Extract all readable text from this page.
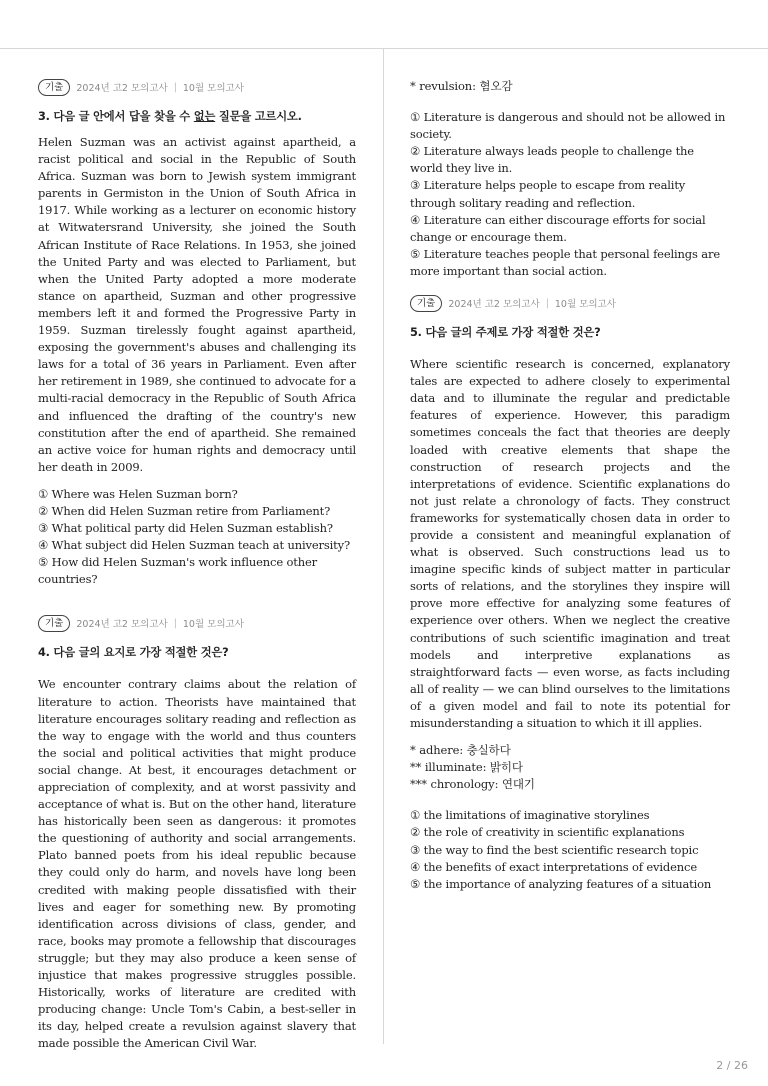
기출	2024년 고2 모의고사 | 10월 모의고사
3. 다음 글 안에서 답을 찾을 수 없는 질문을 고르시오.

Helen Suzman was an activist against apartheid, a racist political and social in the Republic of South Africa. Suzman was born to Jewish system immigrant parents in Germiston in the Union of South Africa in 1917. While working as a lecturer on economic history at Witwatersrand University, she joined the South African Institute of Race Relations. In 1953, she joined the United Party and was elected to Parliament, but when the United Party adopted a more moderate stance on apartheid, Suzman and other progressive members left it and formed the Progressive Party in 1959. Suzman tirelessly fought against apartheid, exposing the government's abuses and challenging its laws for a total of 36 years in Parliament. Even after her retirement in 1989, she continued to advocate for a multi-racial democracy in the Republic of South Africa and influenced the drafting of the country's new constitution after the end of apartheid. She remained an active voice for human rights and democracy until her death in 2009.

① Where was Helen Suzman born?

② When did Helen Suzman retire from Parliament?

③ What political party did Helen Suzman establish?

④ What subject did Helen Suzman teach at university?

⑤ How did Helen Suzman's work influence other countries?

기출	2024년 고2 모의고사 | 10월 모의고사
4. 다음 글의 요지로 가장 적절한 것은?

We encounter contrary claims about the relation of literature to action. Theorists have maintained that literature encourages solitary reading and reflection as the way to engage with the world and thus counters the social and political activities that might produce social change. At best, it encourages detachment or appreciation of complexity, and at worst passivity and acceptance of what is. But on the other hand, literature has historically been seen as dangerous: it promotes the questioning of authority and social arrangements. Plato banned poets from his ideal republic because they could only do harm, and novels have long been credited with making people dissatisfied with their lives and eager for something new. By promoting identification across divisions of class, gender, and race, books may promote a fellowship that discourages struggle; but they may also produce a keen sense of injustice that makes progressive struggles possible. Historically, works of literature are credited with producing change: Uncle Tom's Cabin, a best-seller in its day, helped create a revulsion against slavery that made possible the American Civil War.

* revulsion: 혐오감

① Literature is dangerous and should not be allowed in society.

② Literature always leads people to challenge the world they live in.

③ Literature helps people to escape from reality through solitary reading and reflection.

④ Literature can either discourage efforts for social change or encourage them.

⑤ Literature teaches people that personal feelings are more important than social action.

기출	2024년 고2 모의고사 | 10월 모의고사
5. 다음 글의 주제로 가장 적절한 것은?

Where scientific research is concerned, explanatory tales are expected to adhere closely to experimental data and to illuminate the regular and predictable features of experience. However, this paradigm sometimes conceals the fact that theories are deeply loaded with creative elements that shape the construction of research projects and the interpretations of evidence. Scientific explanations do not just relate a chronology of facts. They construct frameworks for systematically chosen data in order to provide a consistent and meaningful explanation of what is observed. Such constructions lead us to imagine specific kinds of subject matter in particular sorts of relations, and the storylines they inspire will prove more effective for analyzing some features of experience over others. When we neglect the creative contributions of such scientific imagination and treat models and interpretive explanations as straightforward facts — even worse, as facts including all of reality — we can blind ourselves to the limitations of a given model and fail to note its potential for misunderstanding a situation to which it ill applies.

* adhere: 충실하다

** illuminate: 밝히다

*** chronology: 연대기

① the limitations of imaginative storylines

② the role of creativity in scientific explanations

③ the way to find the best scientific research topic

④ the benefits of exact interpretations of evidence

⑤ the importance of analyzing features of a situation

2 / 26
